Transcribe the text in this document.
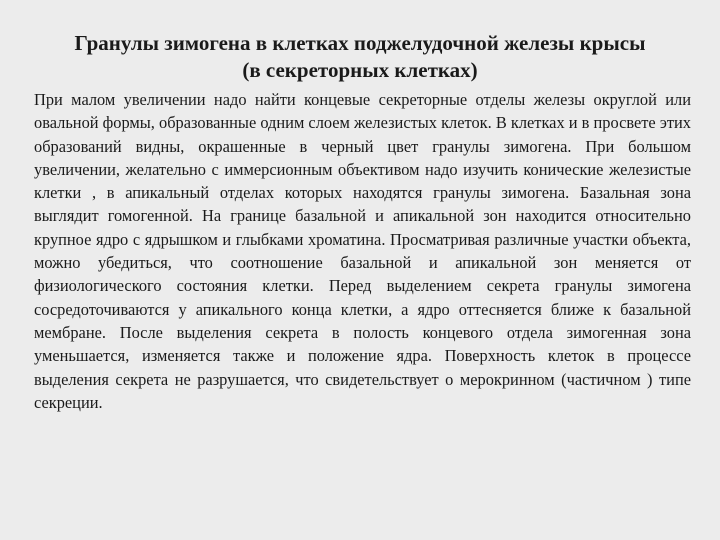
Гранулы зимогена в клетках поджелудочной железы крысы
(в секреторных клетках)

При малом увеличении надо найти концевые секреторные отделы железы округлой или овальной формы, образованные одним слоем железистых клеток. В клетках и в просвете этих образований видны, окрашенные в черный цвет гранулы зимогена. При большом увеличении, желательно с иммерсионным объективом надо изучить конические железистые клетки , в апикальный отделах которых находятся гранулы зимогена. Базальная зона выглядит гомогенной. На границе базальной и апикальной зон находится относительно крупное ядро с ядрышком и глыбками хроматина. Просматривая различные участки объекта, можно убедиться, что соотношение базальной и апикальной зон меняется от физиологического состояния клетки. Перед выделением секрета гранулы зимогена сосредоточиваются у апикального конца клетки, а ядро оттесняется ближе к базальной мембране. После выделения секрета в полость концевого отдела зимогенная зона уменьшается, изменяется также и положение ядра. Поверхность клеток в процессе выделения секрета не разрушается, что свидетельствует о мерокринном (частичном ) типе секреции.
